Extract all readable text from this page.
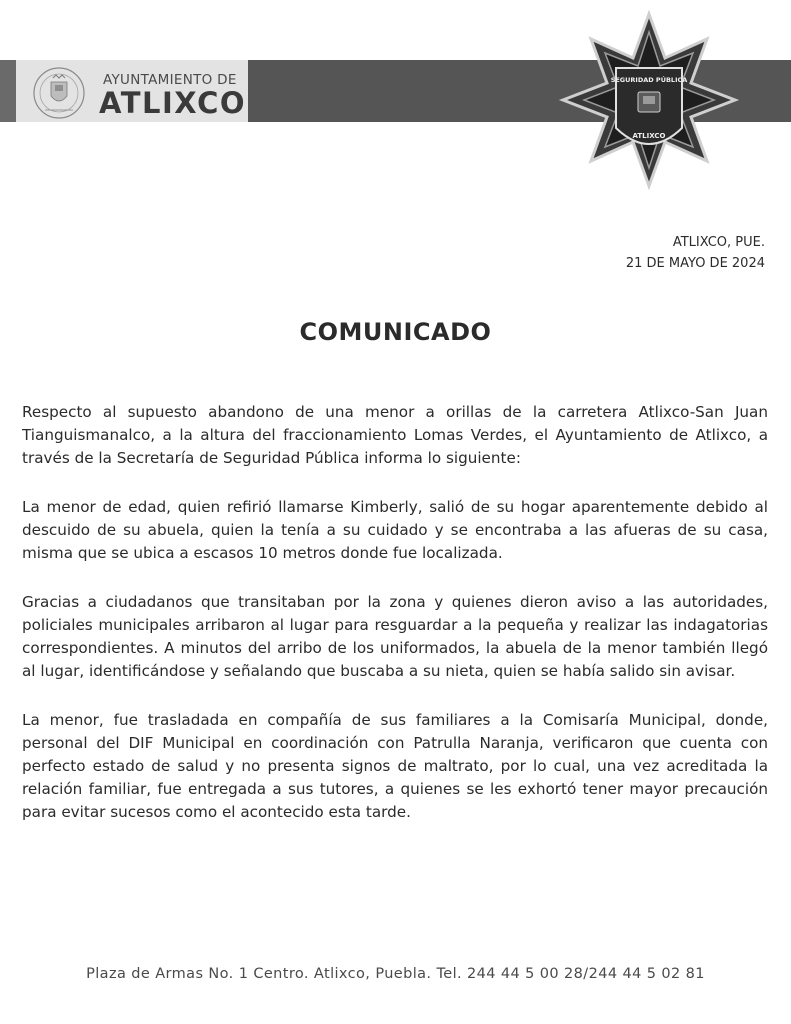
AYUNTAMIENTO DE
ATLIXCO
SEGURIDAD PÚBLICA
ATLIXCO
ATLIXCO, PUE.
21 DE MAYO DE 2024
COMUNICADO

Respecto al supuesto abandono de una menor a orillas de la carretera Atlixco-San Juan Tianguismanalco, a la altura del fraccionamiento Lomas Verdes, el Ayuntamiento de Atlixco, a través de la Secretaría de Seguridad Pública informa lo siguiente:

La menor de edad, quien refirió llamarse Kimberly, salió de su hogar aparentemente debido al descuido de su abuela, quien la tenía a su cuidado y se encontraba a las afueras de su casa, misma que se ubica a escasos 10 metros donde fue localizada.

Gracias a ciudadanos que transitaban por la zona y quienes dieron aviso a las autoridades, policiales municipales arribaron al lugar para resguardar a la pequeña y realizar las indagatorias correspondientes. A minutos del arribo de los uniformados, la abuela de la menor también llegó al lugar, identificándose y señalando que buscaba a su nieta, quien se había salido sin avisar.

La menor, fue trasladada en compañía de sus familiares a la Comisaría Municipal, donde, personal del DIF Municipal en coordinación con Patrulla Naranja, verificaron que cuenta con perfecto estado de salud y no presenta signos de maltrato, por lo cual, una vez acreditada la relación familiar, fue entregada a sus tutores, a quienes se les exhortó tener mayor precaución para evitar sucesos como el acontecido esta tarde.

Plaza de Armas No. 1 Centro. Atlixco, Puebla. Tel. 244 44 5 00 28/244 44 5 02 81
